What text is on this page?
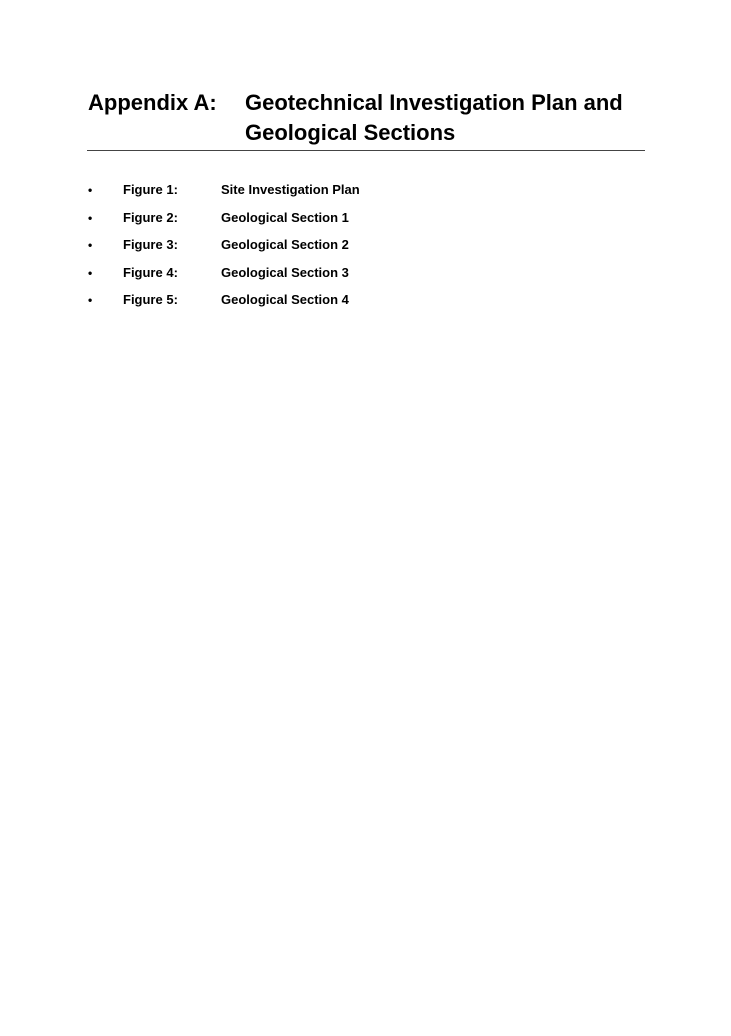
Appendix A: Geotechnical Investigation Plan and Geological Sections
• Figure 1:	Site Investigation Plan
• Figure 2:	Geological Section 1
• Figure 3:	Geological Section 2
• Figure 4:	Geological Section 3
• Figure 5:	Geological Section 4
